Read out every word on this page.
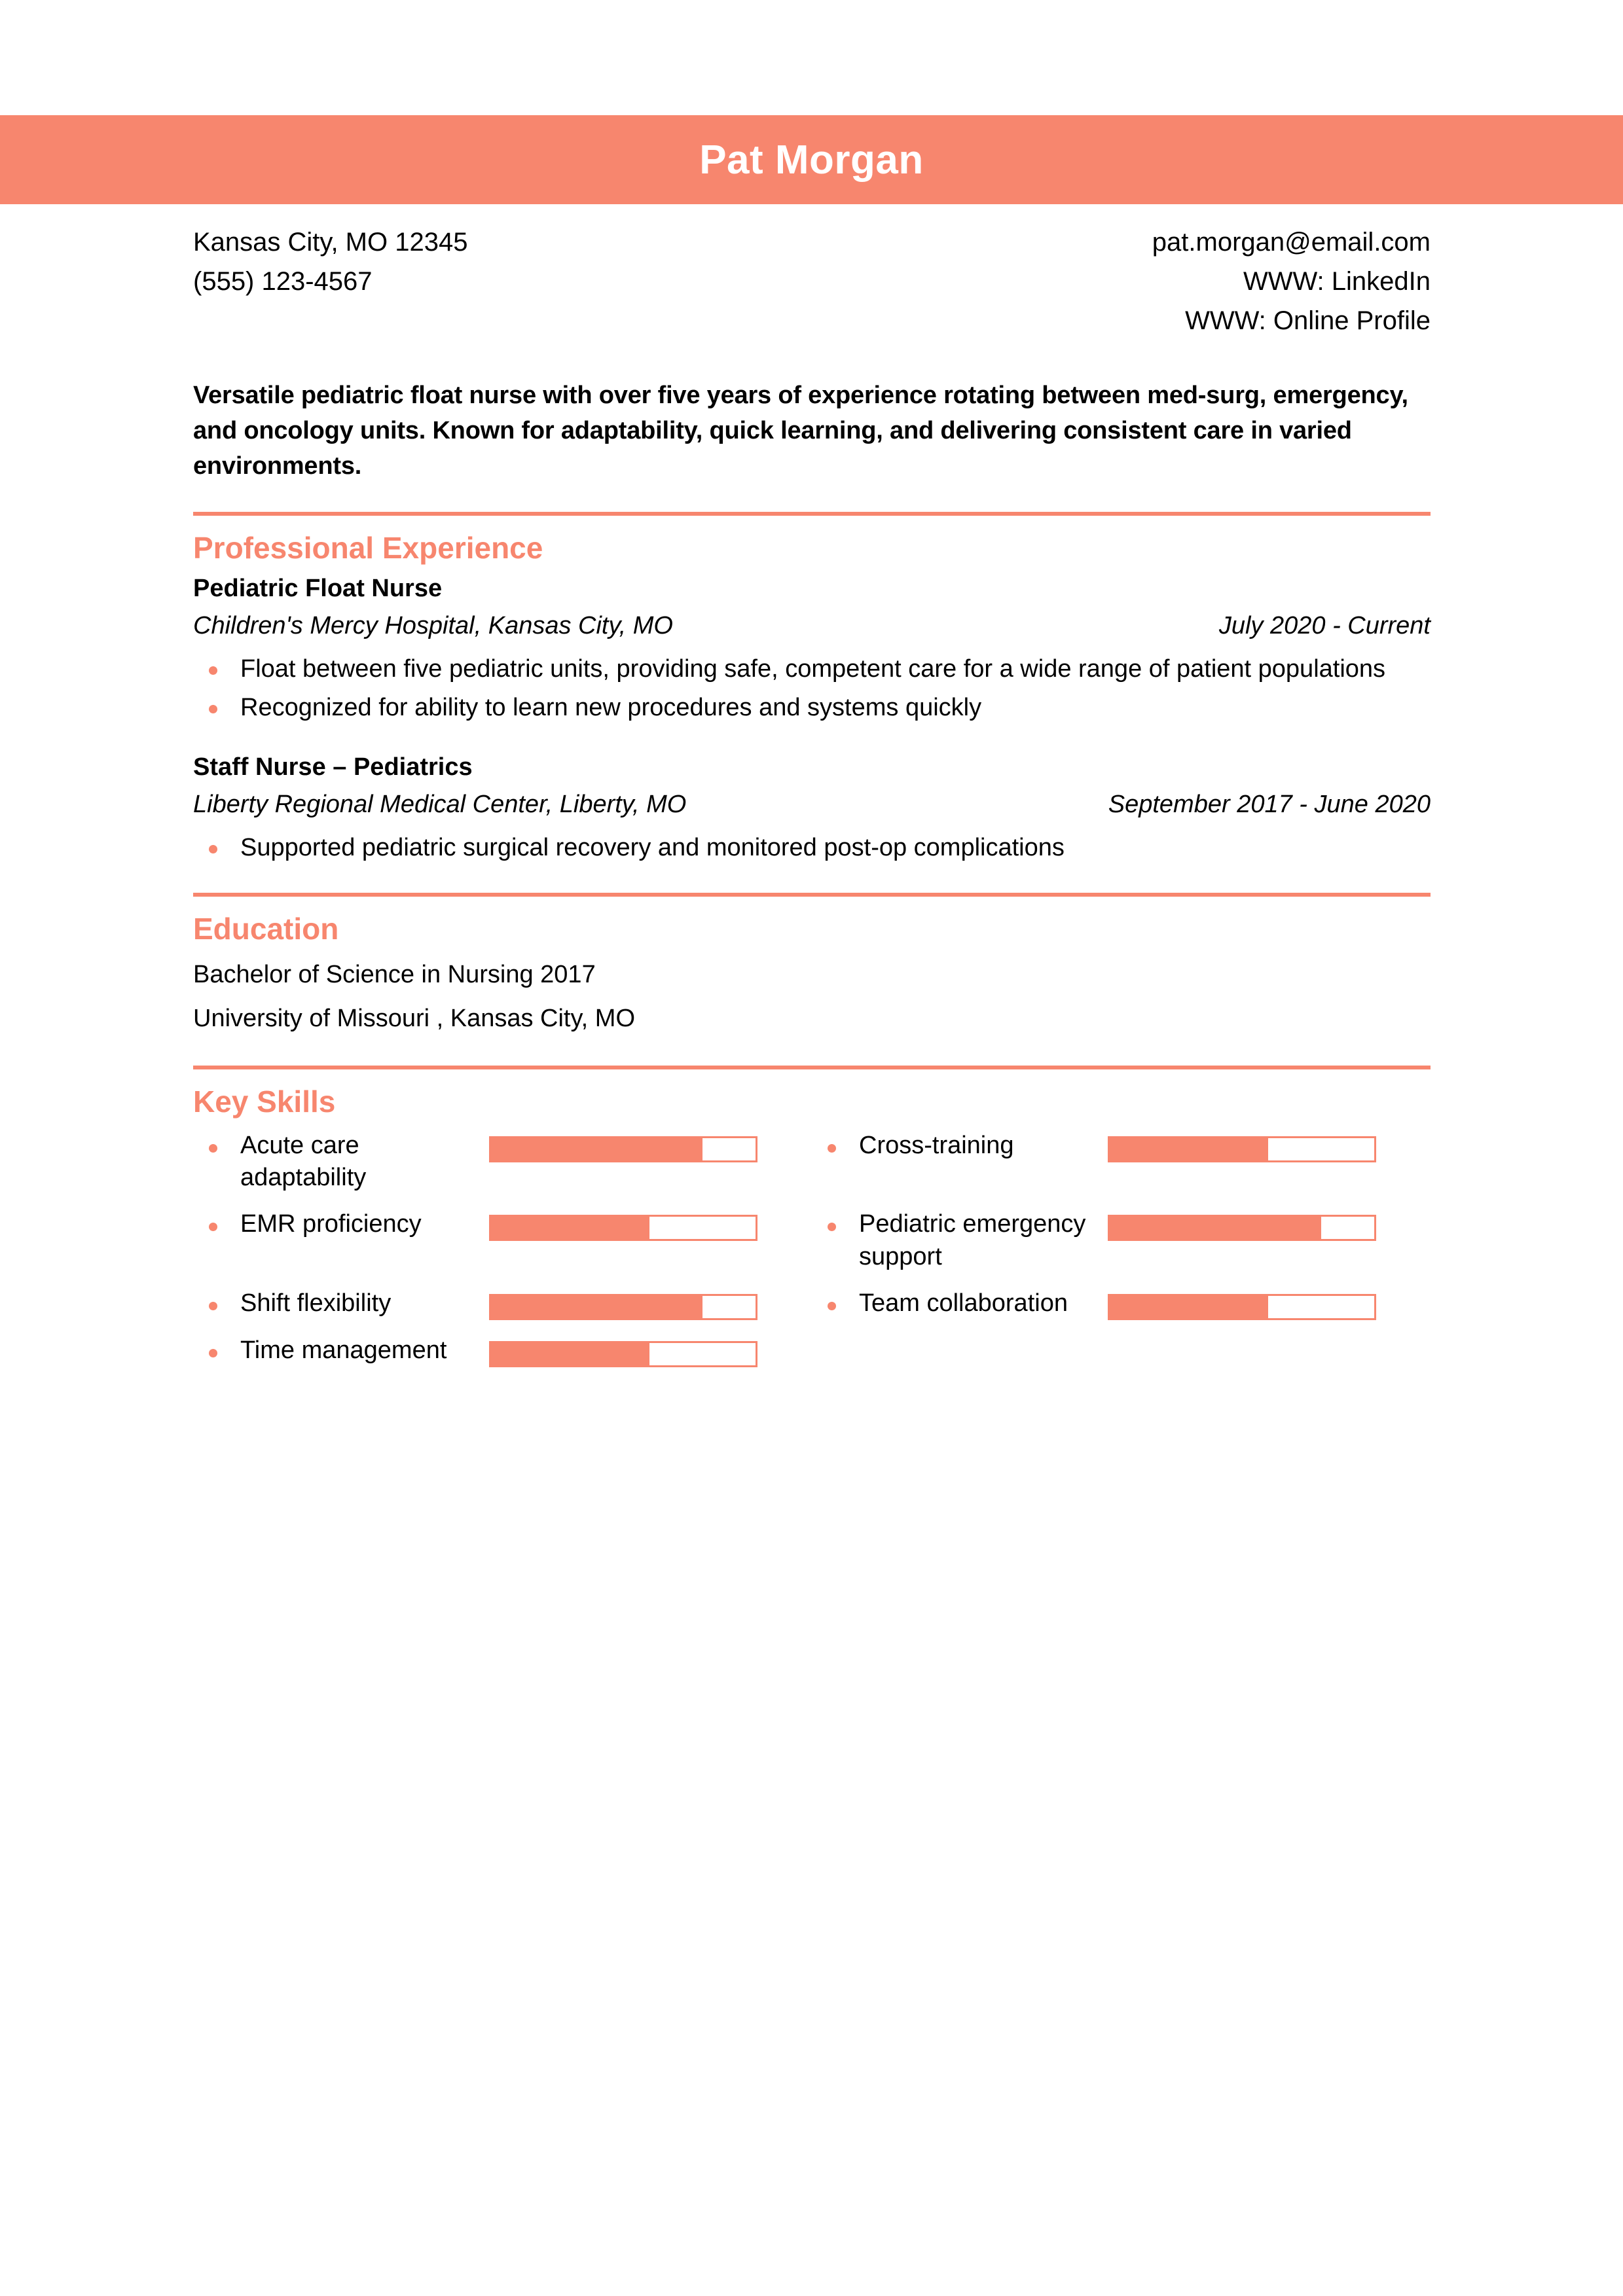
Pat Morgan
Kansas City, MO 12345
(555) 123-4567
pat.morgan@email.com
WWW: LinkedIn
WWW: Online Profile
Versatile pediatric float nurse with over five years of experience rotating between med-surg, emergency, and oncology units. Known for adaptability, quick learning, and delivering consistent care in varied environments.
Professional Experience
Pediatric Float Nurse
Children's Mercy Hospital, Kansas City, MO	July 2020 - Current
Float between five pediatric units, providing safe, competent care for a wide range of patient populations
Recognized for ability to learn new procedures and systems quickly
Staff Nurse – Pediatrics
Liberty Regional Medical Center, Liberty, MO	September 2017 - June 2020
Supported pediatric surgical recovery and monitored post-op complications
Education
Bachelor of Science in Nursing 2017
University of Missouri , Kansas City, MO
Key Skills
Acute care adaptability
Cross-training
EMR proficiency	Pediatric emergency support
Shift flexibility	Team collaboration
Time management
